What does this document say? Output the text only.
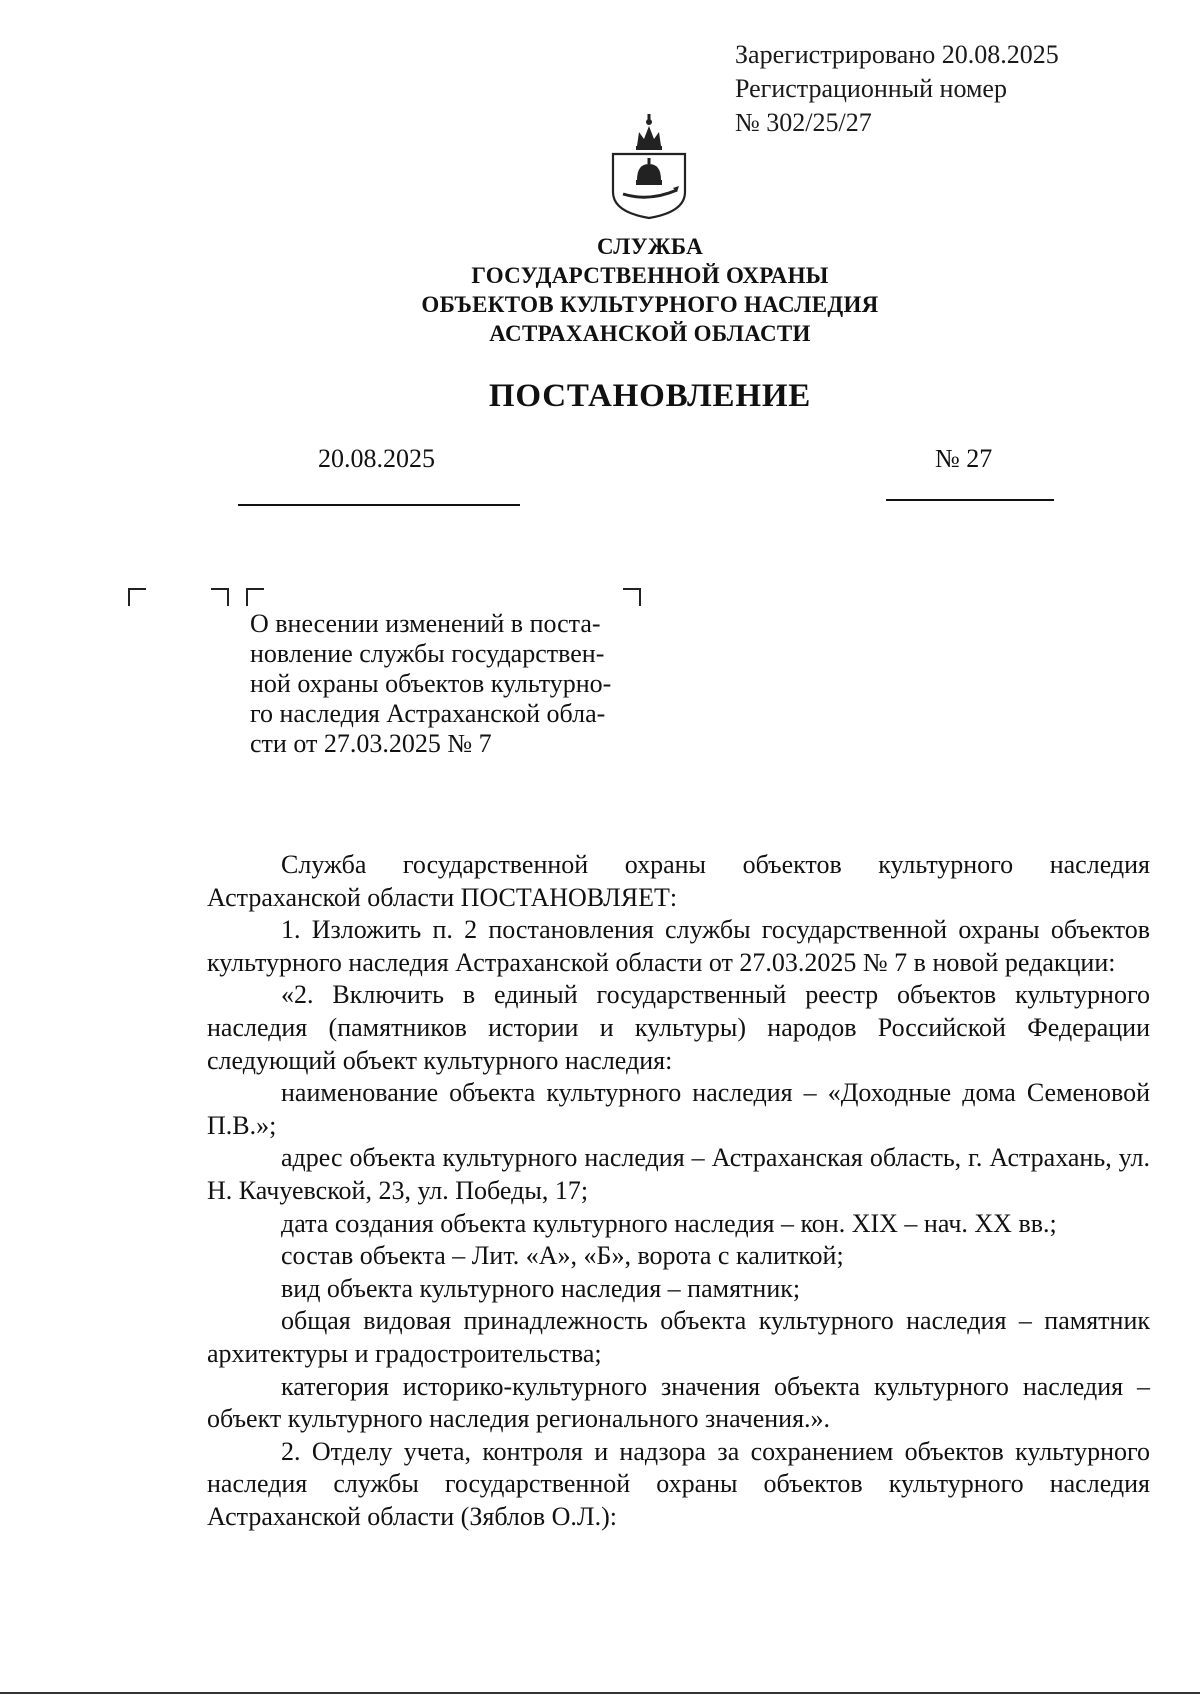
Зарегистрировано 20.08.2025
Регистрационный номер
№ 302/25/27
СЛУЖБА
ГОСУДАРСТВЕННОЙ ОХРАНЫ
ОБЪЕКТОВ КУЛЬТУРНОГО НАСЛЕДИЯ
АСТРАХАНСКОЙ ОБЛАСТИ
ПОСТАНОВЛЕНИЕ
20.08.2025	№ 27
О внесении изменений в поста-
новление службы государствен-
ной охраны объектов культурно-
го наследия Астраханской обла-
сти от 27.03.2025 № 7

Служба государственной охраны объектов культурного наследия Астраханской области ПОСТАНОВЛЯЕТ:

1. Изложить п. 2 постановления службы государственной охраны объектов культурного наследия Астраханской области от 27.03.2025 № 7 в новой редакции:

«2. Включить в единый государственный реестр объектов культурного наследия (памятников истории и культуры) народов Российской Федерации следующий объект культурного наследия:

наименование объекта культурного наследия – «Доходные дома Семеновой П.В.»;

адрес объекта культурного наследия – Астраханская область, г. Астрахань, ул. Н. Качуевской, 23, ул. Победы, 17;

дата создания объекта культурного наследия – кон. XIX – нач. XX вв.;

состав объекта – Лит. «А», «Б», ворота с калиткой;

вид объекта культурного наследия – памятник;

общая видовая принадлежность объекта культурного наследия – памятник архитектуры и градостроительства;

категория историко-культурного значения объекта культурного наследия – объект культурного наследия регионального значения.».

2. Отделу учета, контроля и надзора за сохранением объектов культурного наследия службы государственной охраны объектов культурного наследия Астраханской области (Зяблов О.Л.):
